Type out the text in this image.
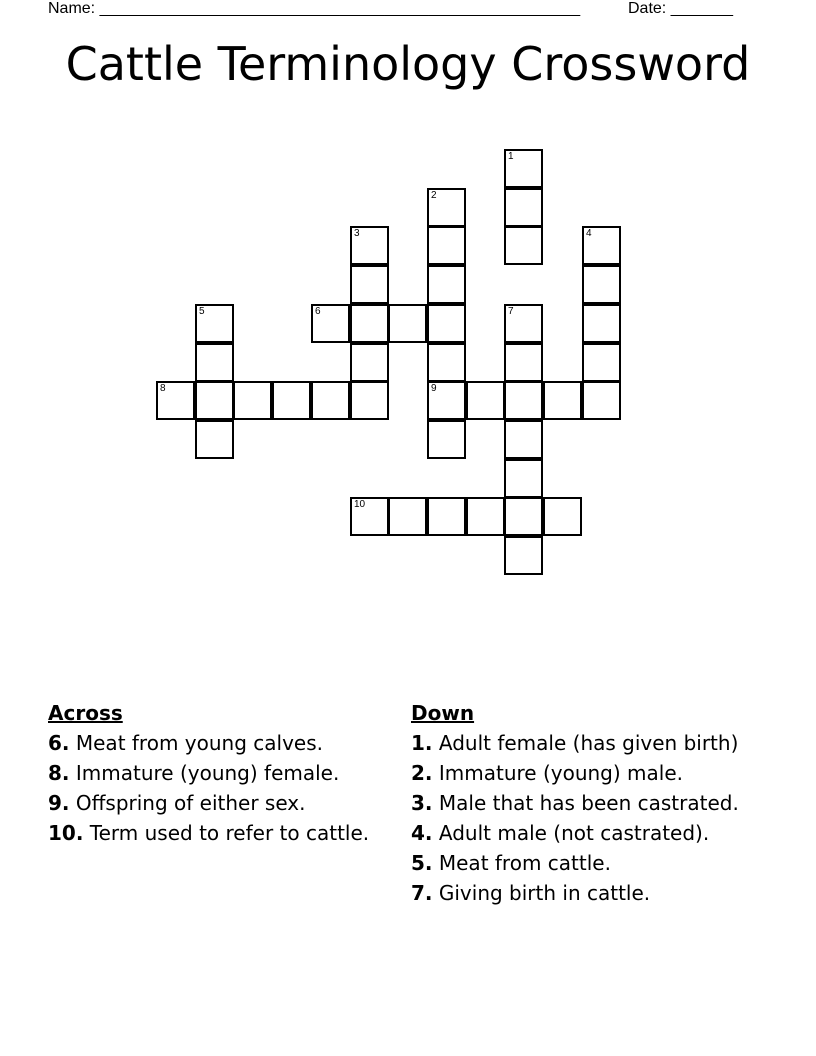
Name: ______________________________________________________	Date: _______
Cattle Terminology Crossword
1
2
9
3	4
5	6	7
8
10
Across
6. Meat from young calves.
8. Immature (young) female.
9. Offspring of either sex.
10. Term used to refer to cattle.
Down
1. Adult female (has given birth)
2. Immature (young) male.
3. Male that has been castrated.
4. Adult male (not castrated).
5. Meat from cattle.
7. Giving birth in cattle.
